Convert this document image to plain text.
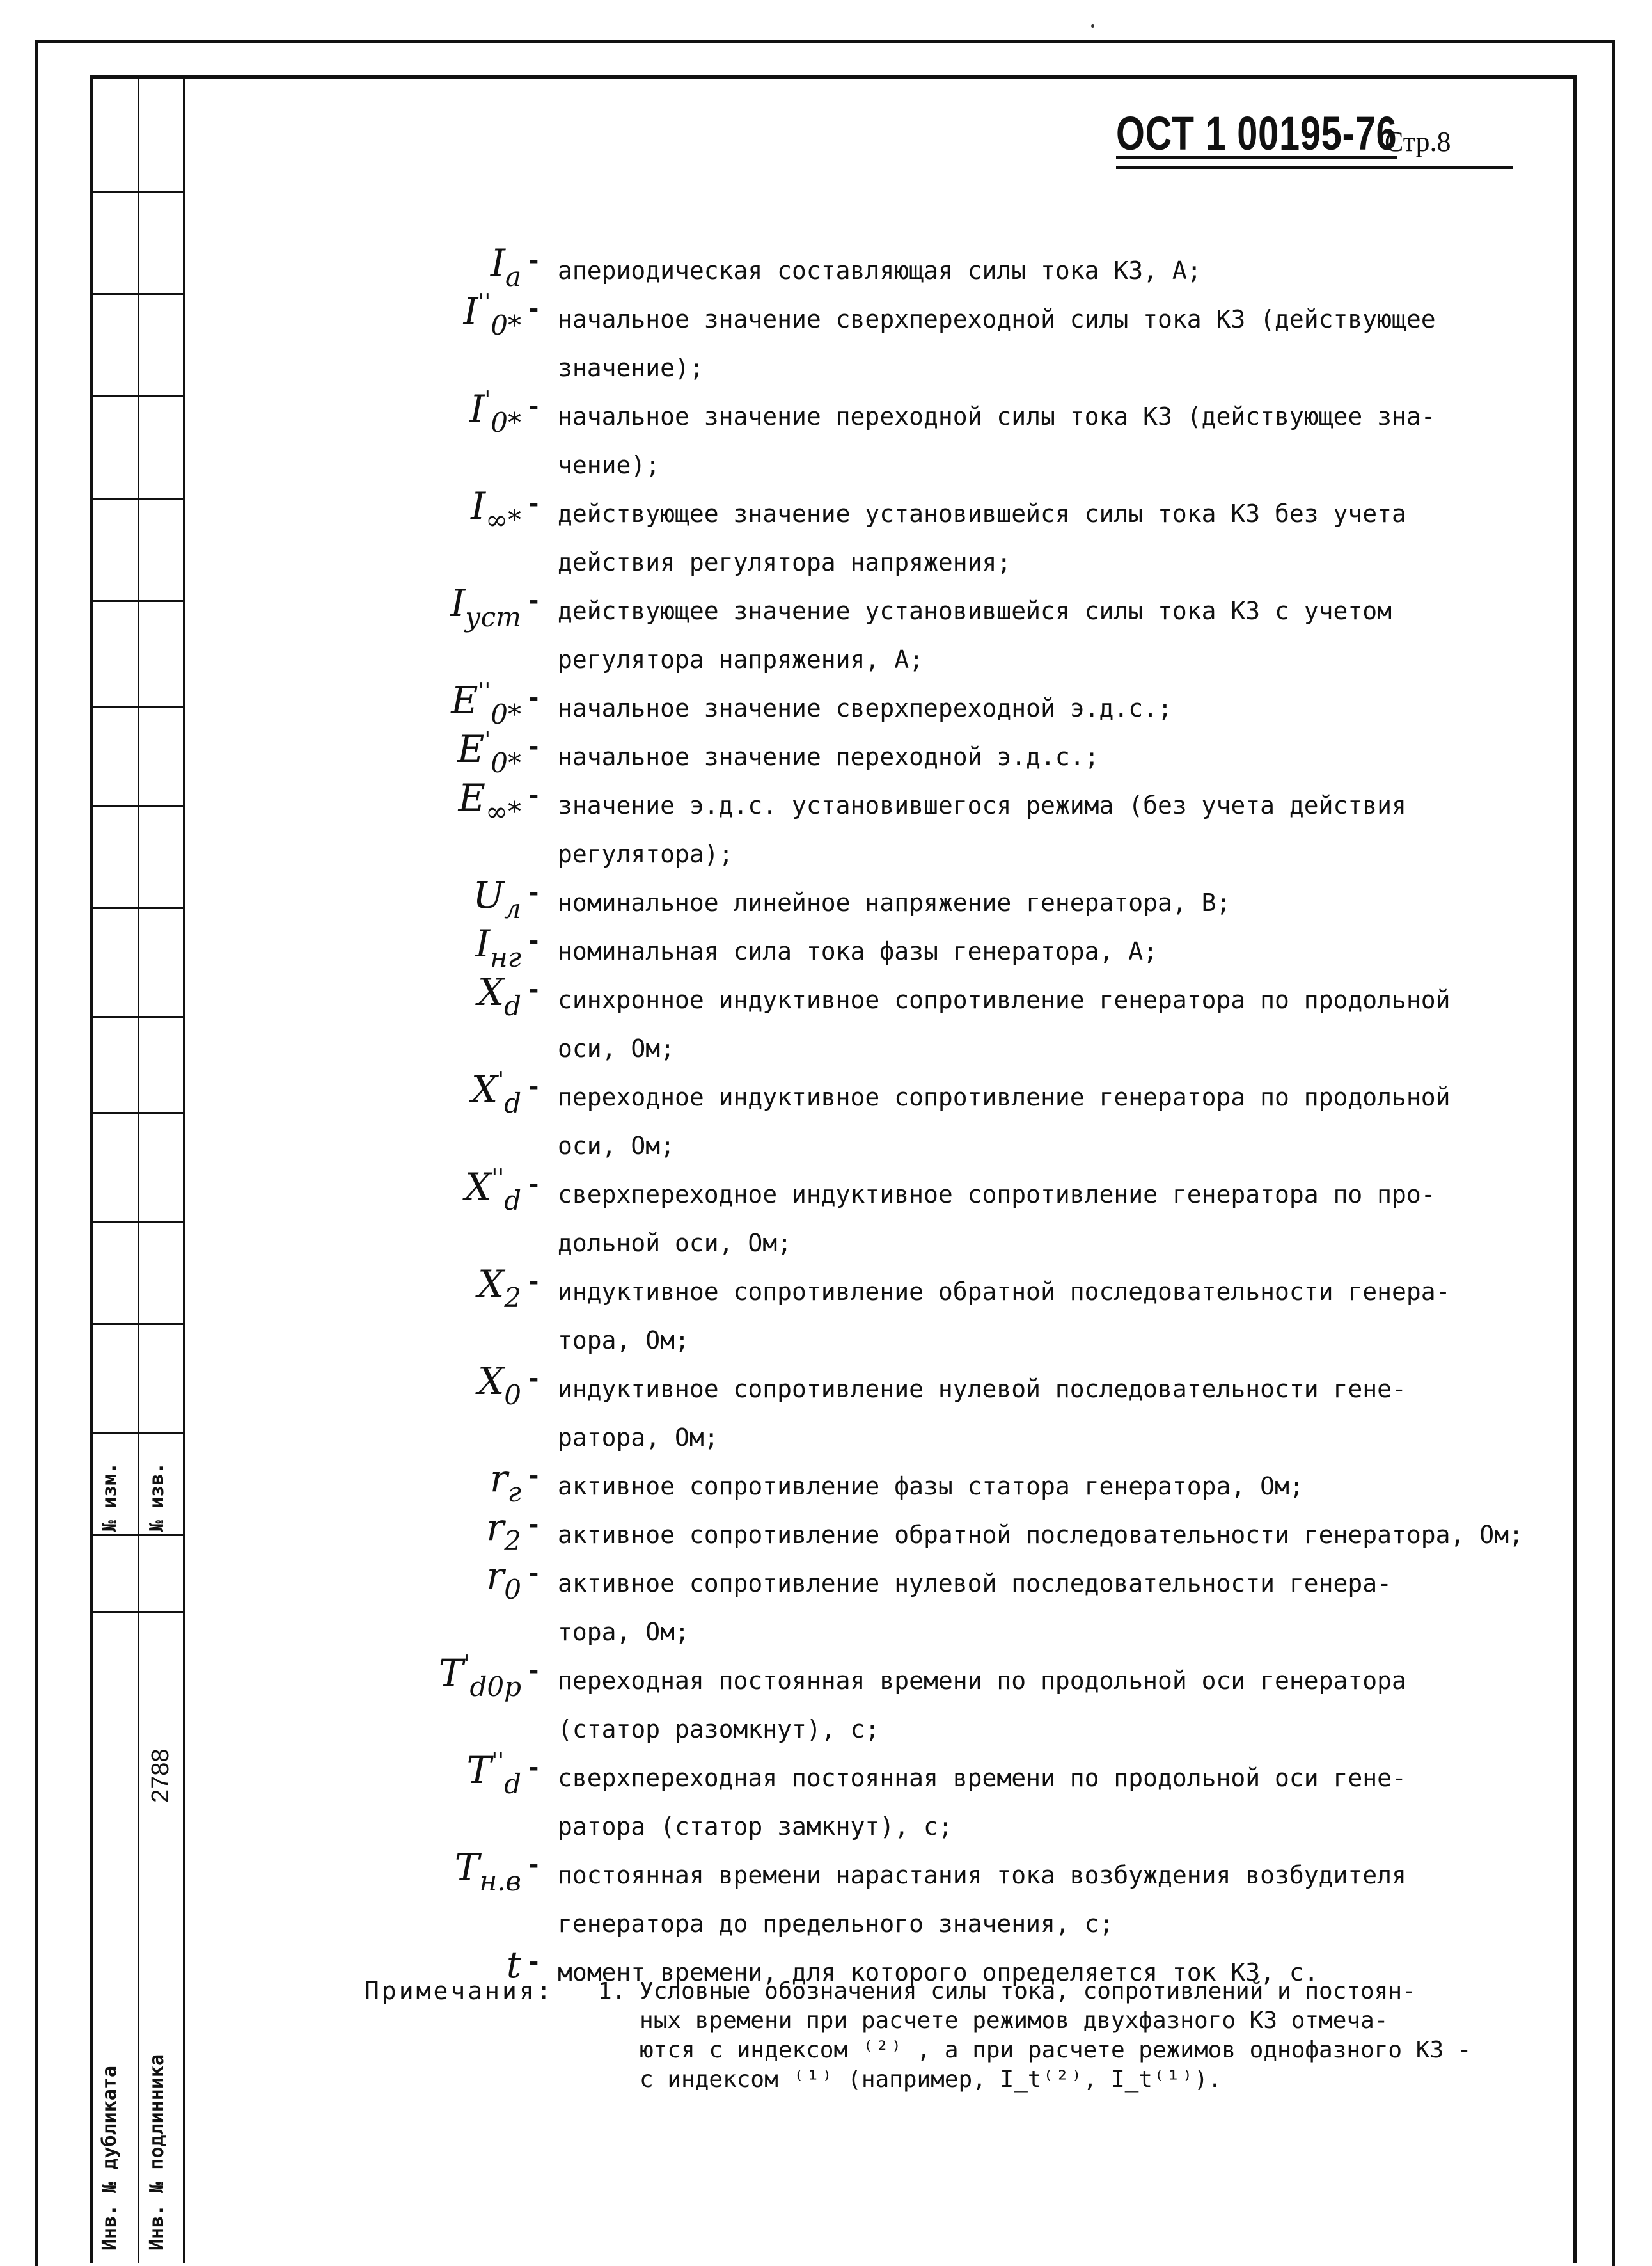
№ изм. № изв.
2788
Инв. № дубликата Инв. № подлинника
ОСТ 1 00195-76
Стр.8
$I_a$
- апериодическая составляющая силы тока КЗ, А;
$I''_{0*}$
- начальное значение сверхпереходной силы тока КЗ (действующее
значение);
$I'_{0*}$
- начальное значение переходной силы тока КЗ (действующее зна-
чение);
$I_{\infty*}$
- действующее значение установившейся силы тока КЗ без учета
действия регулятора напряжения;
$I_{уст}$
- действующее значение установившейся силы тока КЗ с учетом
регулятора напряжения, А;
$E''_{0*}$
- начальное значение сверхпереходной э.д.с.;
$E'_{0*}$
- начальное значение переходной э.д.с.;
$E_{\infty*}$
- значение э.д.с. установившегося режима (без учета действия
регулятора);
$U_л$
- номинальное линейное напряжение генератора, В;
$I_{нг}$
- номинальная сила тока фазы генератора, А;
$X_d$
- синхронное индуктивное сопротивление генератора по продольной
оси, Ом;
$X'_d$
- переходное индуктивное сопротивление генератора по продольной
оси, Ом;
$X''_d$
- сверхпереходное индуктивное сопротивление генератора по про-
дольной оси, Ом;
$X_2$
- индуктивное сопротивление обратной последовательности генера-
тора, Ом;
$X_0$
- индуктивное сопротивление нулевой последовательности гене-
ратора, Ом;
$r_г$
- активное сопротивление фазы статора генератора, Ом;
$r_2$
- активное сопротивление обратной последовательности генератора, Ом;
$r_0$
- активное сопротивление нулевой последовательности генера-
тора, Ом;
$T'_{d0р}$
- переходная постоянная времени по продольной оси генератора
(статор разомкнут), с;
$T''_d$
- сверхпереходная постоянная времени по продольной оси гене-
ратора (статор замкнут), с;
$T_{н.в}$
- постоянная времени нарастания тока возбуждения возбудителя
генератора до предельного значения, с;
t - момент времени, для которого определяется ток КЗ, с.
Примечания: 1. Условные обозначения силы тока, сопротивлений и постоян-
ных времени при расчете режимов двухфазного КЗ отмеча-
ются с индексом ⁽²⁾ , а при расчете режимов однофазного КЗ -
с индексом ⁽¹⁾ (например, I_t⁽²⁾, I_t⁽¹⁾).
